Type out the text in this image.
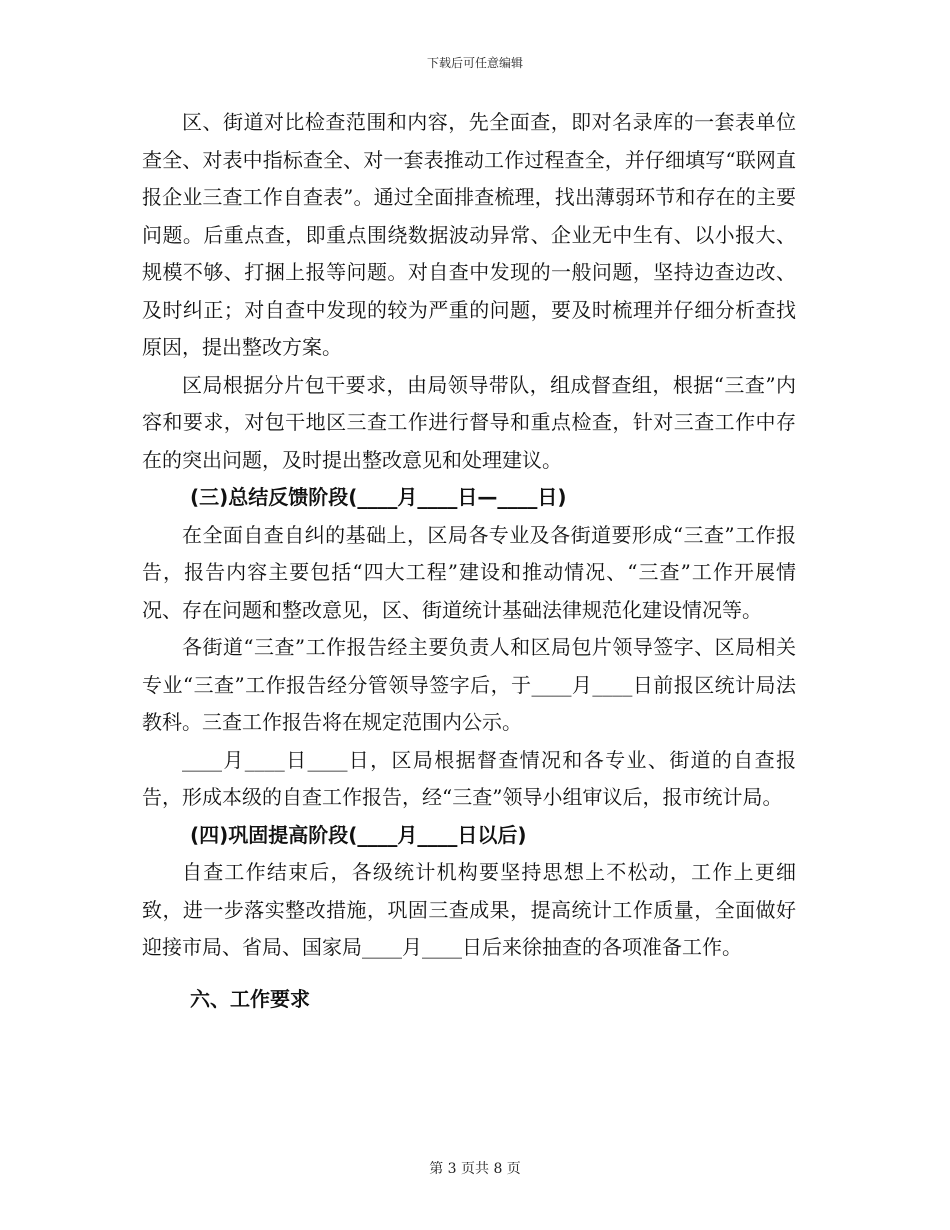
下载后可任意编辑

区、街道对比检查范围和内容，先全面查，即对名录库的一套表单位查全、对表中指标查全、对一套表推动工作过程查全，并仔细填写“联网直报企业三查工作自查表”。通过全面排查梳理，找出薄弱环节和存在的主要问题。后重点查，即重点围绕数据波动异常、企业无中生有、以小报大、规模不够、打捆上报等问题。对自查中发现的一般问题，坚持边查边改、及时纠正；对自查中发现的较为严重的问题，要及时梳理并仔细分析查找原因，提出整改方案。

区局根据分片包干要求，由局领导带队，组成督查组，根据“三查”内容和要求，对包干地区三查工作进行督导和重点检查，针对三查工作中存在的突出问题，及时提出整改意见和处理建议。

(三)总结反馈阶段(____月____日—____日)

在全面自查自纠的基础上，区局各专业及各街道要形成“三查”工作报告，报告内容主要包括“四大工程”建设和推动情况、“三查”工作开展情况、存在问题和整改意见，区、街道统计基础法律规范化建设情况等。

各街道“三查”工作报告经主要负责人和区局包片领导签字、区局相关专业“三查”工作报告经分管领导签字后，于____月____日前报区统计局法教科。三查工作报告将在规定范围内公示。

____月____日____日，区局根据督查情况和各专业、街道的自查报告，形成本级的自查工作报告，经“三查”领导小组审议后，报市统计局。

(四)巩固提高阶段(____月____日以后)

自查工作结束后，各级统计机构要坚持思想上不松动，工作上更细致，进一步落实整改措施，巩固三查成果，提高统计工作质量，全面做好迎接市局、省局、国家局____月____日后来徐抽查的各项准备工作。

六、工作要求

第 3 页共 8 页
